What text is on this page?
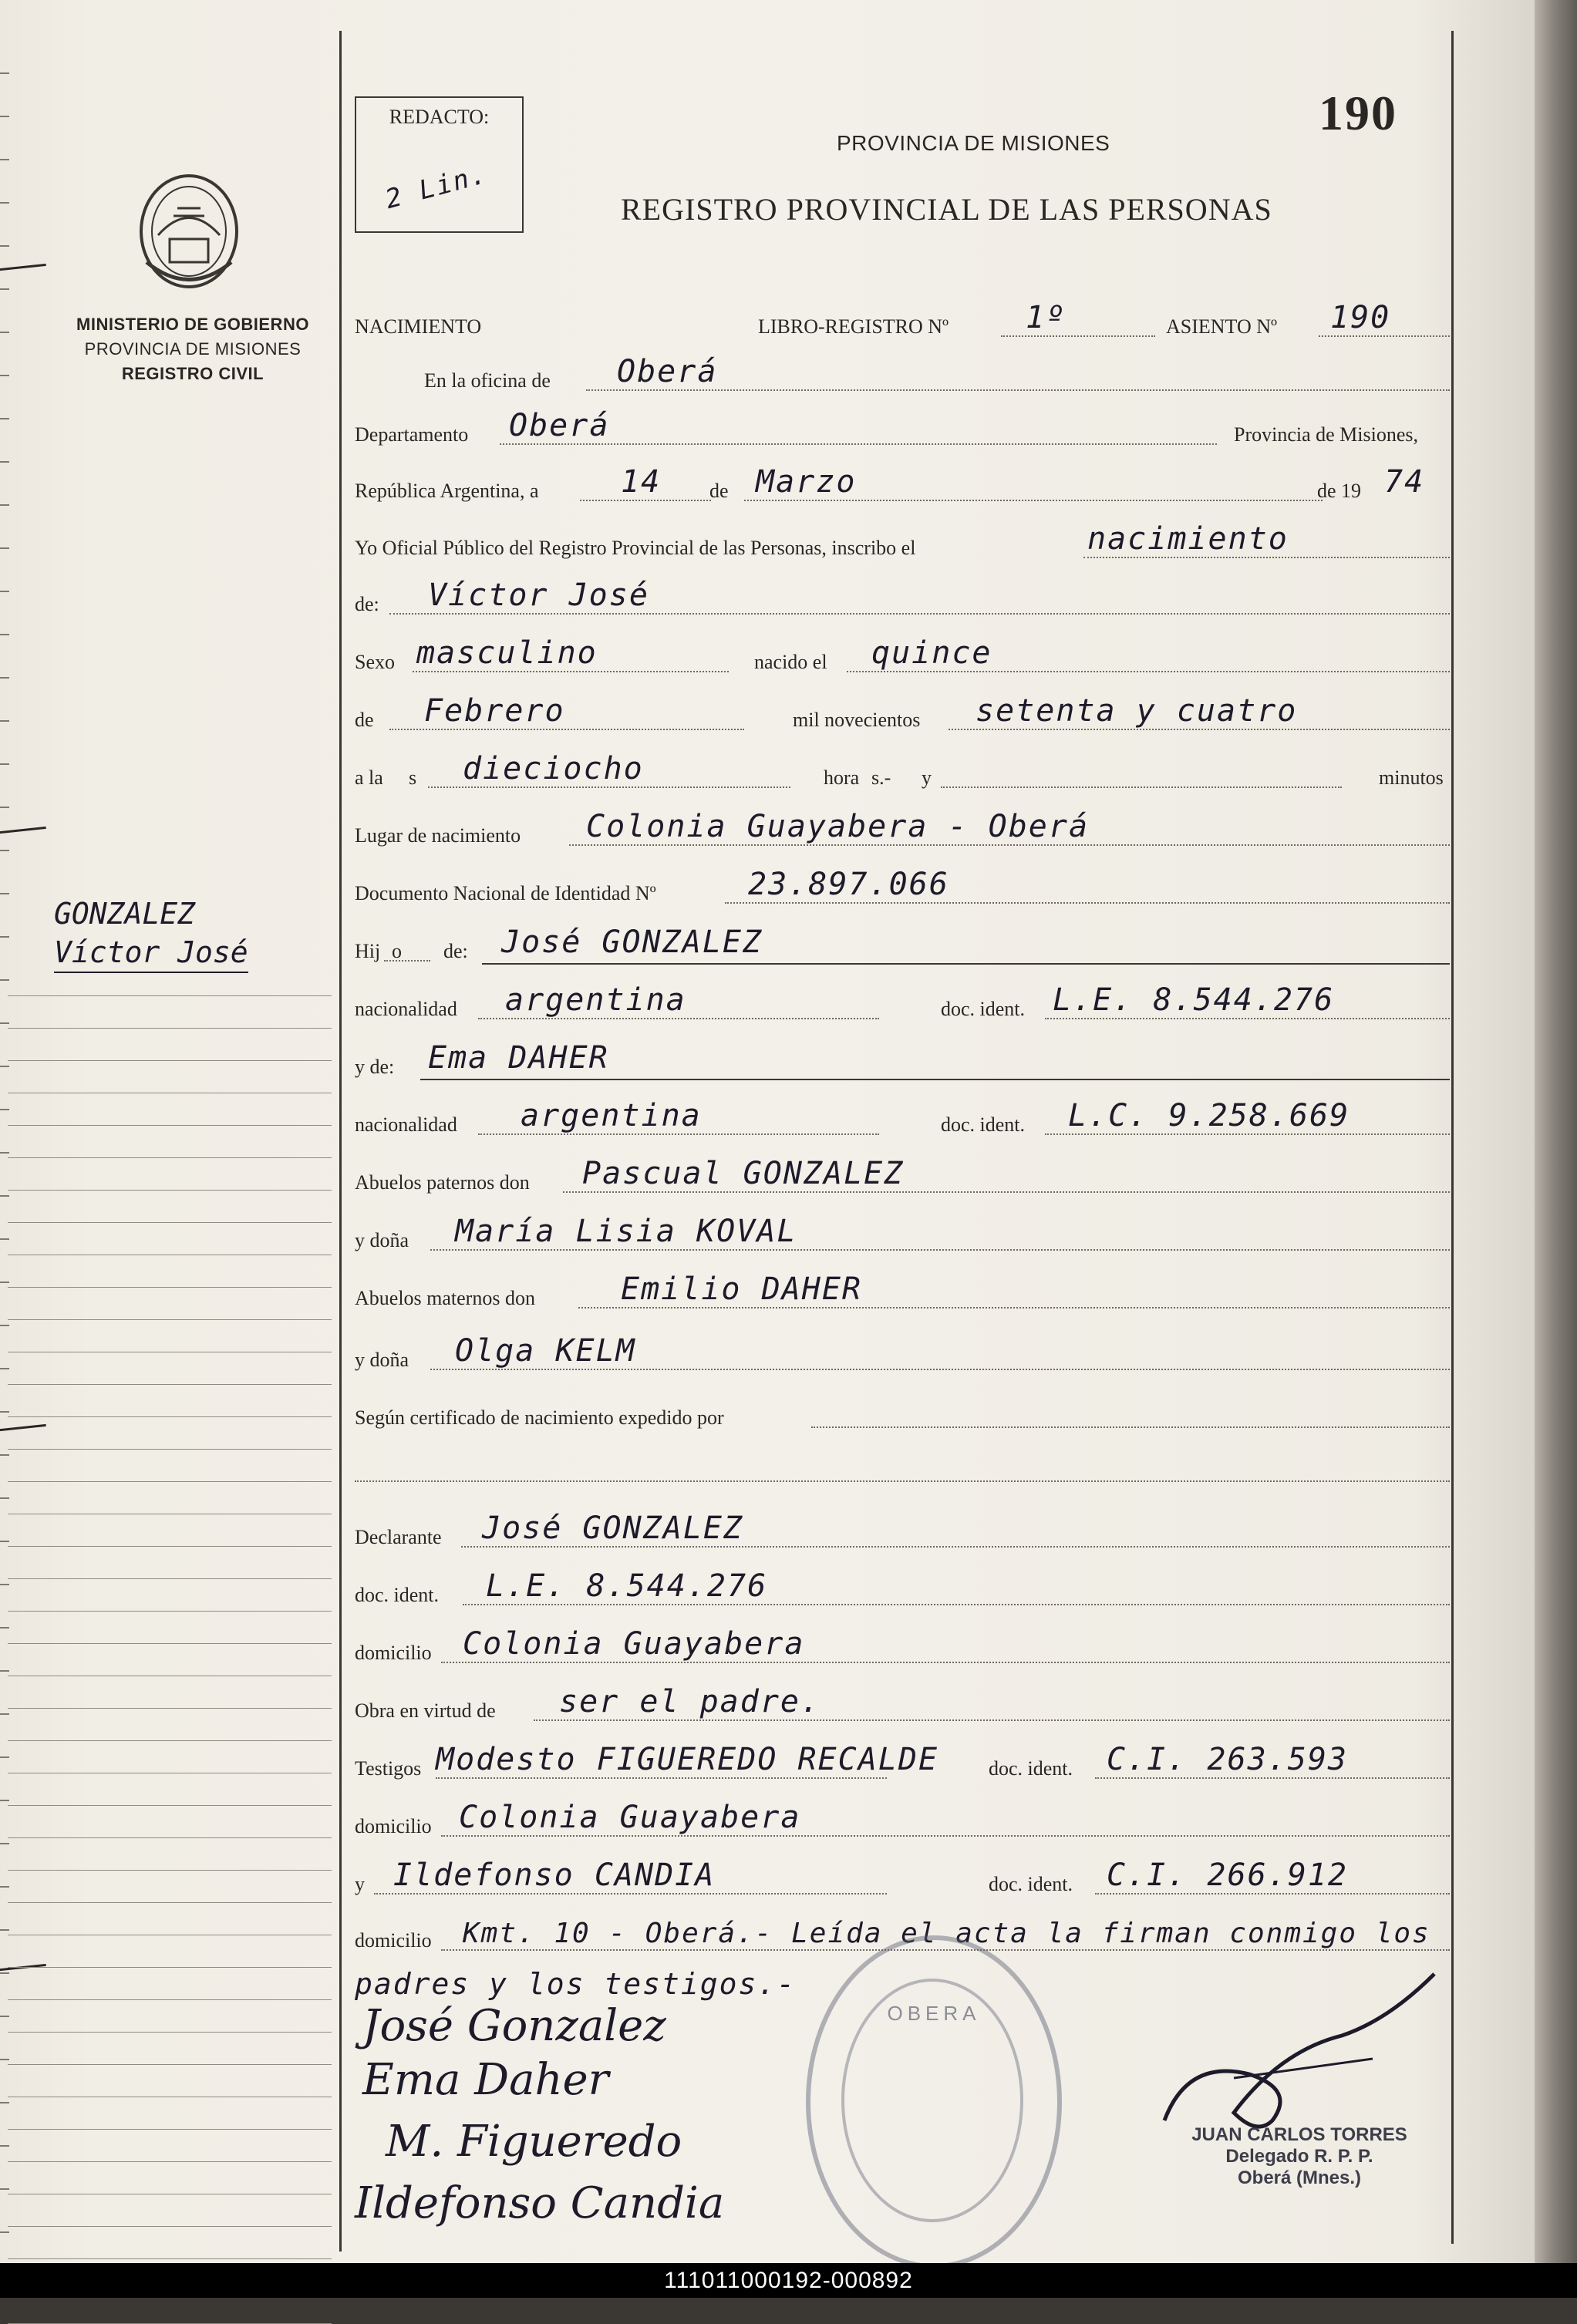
MINISTERIO DE GOBIERNO
PROVINCIA DE MISIONES
REGISTRO CIVIL
GONZALEZ
Víctor José
REDACTO:
2 Lin.
190
PROVINCIA DE MISIONES
REGISTRO PROVINCIAL DE LAS PERSONAS
NACIMIENTO	LIBRO-REGISTRO Nº 1º	ASIENTO Nº 190
En la oficina de Oberá
Departamento Oberá	Provincia de Misiones,
República Argentina, a	14 de Marzo	de 19 74
Yo Oficial Público del Registro Provincial de las Personas, inscribo el	nacimiento
de: Víctor José
Sexo masculino	nacido el quince
de Febrero	mil novecientos setenta y cuatro
a la s dieciocho	hora s.- y	minutos
Lugar de nacimiento Colonia Guayabera - Oberá
Documento Nacional de Identidad Nº	23.897.066
Hij o de: José GONZALEZ
nacionalidad argentina	doc. ident. L.E. 8.544.276
y de: Ema DAHER
nacionalidad argentina	doc. ident. L.C. 9.258.669
Abuelos paternos don Pascual GONZALEZ
y doña María Lisia KOVAL
Abuelos maternos don	Emilio DAHER
y doña Olga KELM
Según certificado de nacimiento expedido por
Declarante José GONZALEZ
doc. ident. L.E. 8.544.276
domicilio Colonia Guayabera
Obra en virtud de ser el padre.
Testigos Modesto FIGUEREDO RECALDE doc. ident. C.I. 263.593
domicilio Colonia Guayabera
y Ildefonso CANDIA	doc. ident. C.I. 266.912
domicilio Kmt. 10 - Oberá.- Leída el acta la firman conmigo los
padres y los testigos.-
OBERA
José Gonzalez
Ema Daher
M. Figueredo
Ildefonso Candia
JUAN CARLOS TORRES
Delegado R. P. P.
Oberá (Mnes.)
111011000192-000892
